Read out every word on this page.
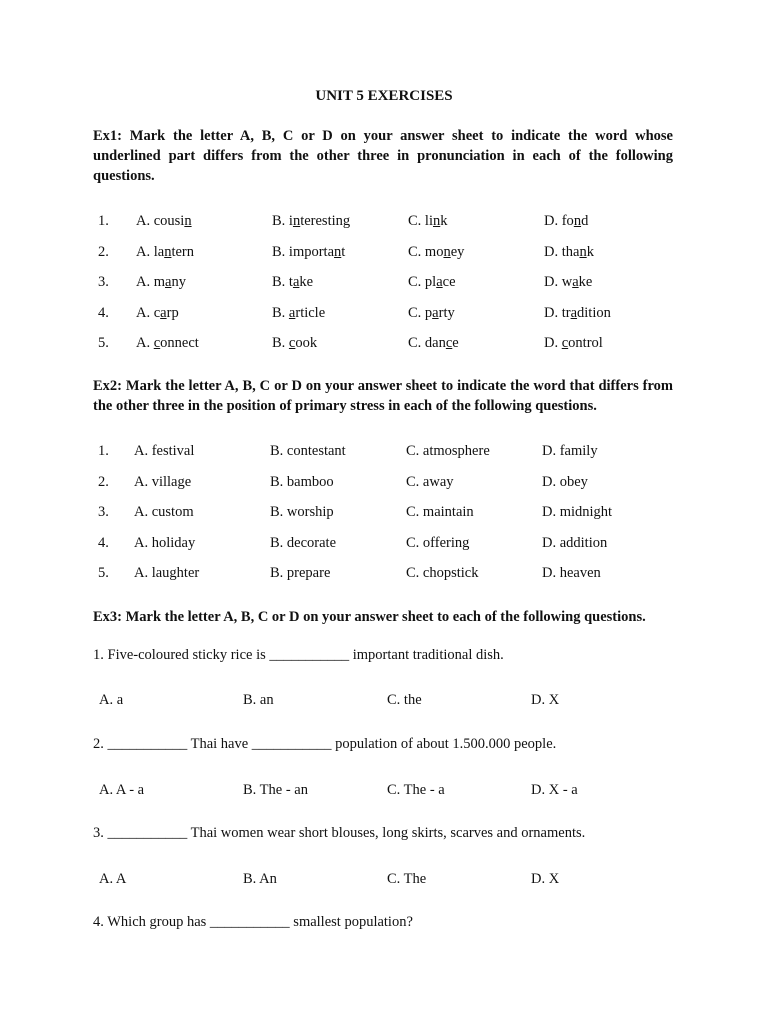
UNIT 5 EXERCISES
Ex1: Mark the letter A, B, C or D on your answer sheet to indicate the word whose underlined part differs from the other three in pronunciation in each of the following questions.
1. A. cousin	B. interesting	C. link	D. fond
2. A. lantern	B. important	C. money	D. thank
3. A. many	B. take	C. place	D. wake
4. A. carp	B. article	C. party	D. tradition
5. A. connect	B. cook	C. dance	D. control
Ex2: Mark the letter A, B, C or D on your answer sheet to indicate the word that differs from the other three in the position of primary stress in each of the following questions.
1. A. festival	B. contestant	C. atmosphere	D. family
2. A. village	B. bamboo	C. away	D. obey
3. A. custom	B. worship	C. maintain	D. midnight
4. A. holiday	B. decorate	C. offering	D. addition
5. A. laughter	B. prepare	C. chopstick	D. heaven
Ex3: Mark the letter A, B, C or D on your answer sheet to each of the following questions.
1. Five-coloured sticky rice is ___________ important traditional dish.
A. a	B. an	C. the	D. X
2. ___________ Thai have ___________ population of about 1.500.000 people.
A. A - a	B. The - an	C. The - a	D. X - a
3. ___________ Thai women wear short blouses, long skirts, scarves and ornaments.
A. A	B. An	C. The	D. X
4. Which group has ___________ smallest population?
